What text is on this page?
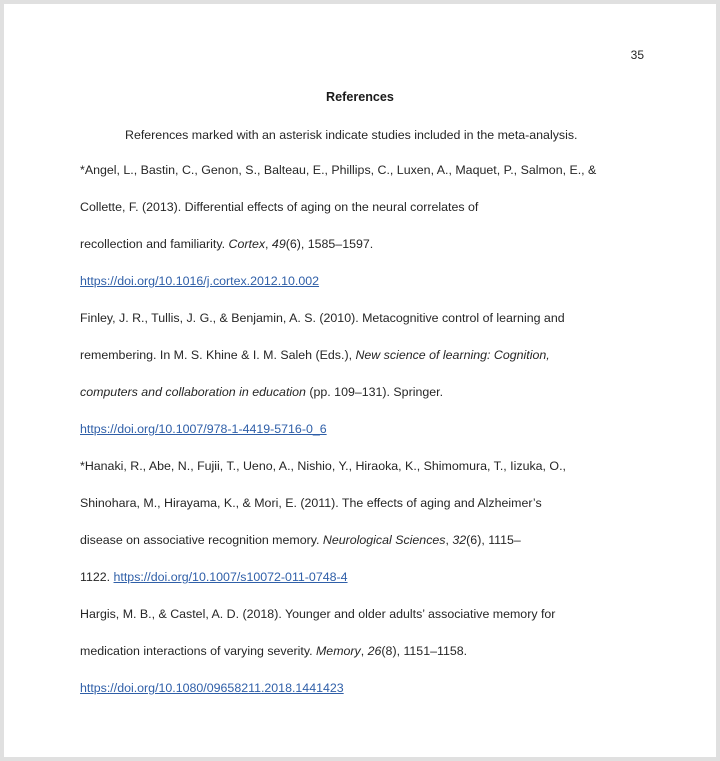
35
References
References marked with an asterisk indicate studies included in the meta-analysis.
*Angel, L., Bastin, C., Genon, S., Balteau, E., Phillips, C., Luxen, A., Maquet, P., Salmon, E., &
Collette, F. (2013). Differential effects of aging on the neural correlates of
recollection and familiarity. Cortex, 49(6), 1585–1597.
https://doi.org/10.1016/j.cortex.2012.10.002
Finley, J. R., Tullis, J. G., & Benjamin, A. S. (2010). Metacognitive control of learning and
remembering. In M. S. Khine & I. M. Saleh (Eds.), New science of learning: Cognition,
computers and collaboration in education (pp. 109–131). Springer.
https://doi.org/10.1007/978-1-4419-5716-0_6
*Hanaki, R., Abe, N., Fujii, T., Ueno, A., Nishio, Y., Hiraoka, K., Shimomura, T., Iizuka, O.,
Shinohara, M., Hirayama, K., & Mori, E. (2011). The effects of aging and Alzheimer’s
disease on associative recognition memory. Neurological Sciences, 32(6), 1115–
1122. https://doi.org/10.1007/s10072-011-0748-4
Hargis, M. B., & Castel, A. D. (2018). Younger and older adults’ associative memory for
medication interactions of varying severity. Memory, 26(8), 1151–1158.
https://doi.org/10.1080/09658211.2018.1441423
